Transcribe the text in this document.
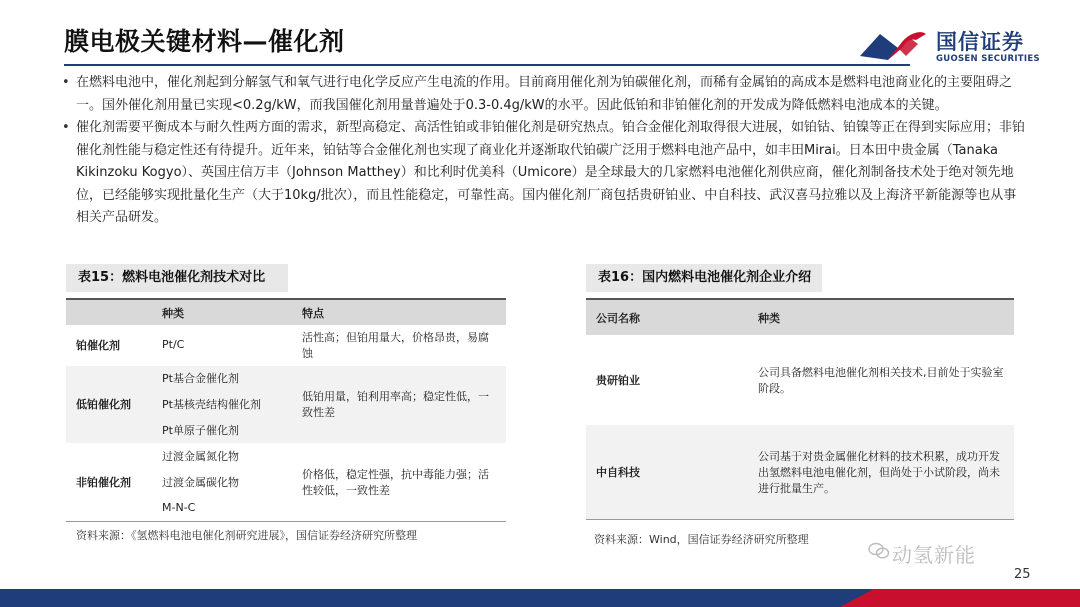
膜电极关键材料—催化剂	国信证券
GUOSEN SECURITIES
• 在燃料电池中，催化剂起到分解氢气和氧气进行电化学反应产生电流的作用。目前商用催化剂为铂碳催化剂，而稀有金属铂的高成本是燃料电池商业化的主要阻碍之一。国外催化剂用量已实现<0.2g/kW，而我国催化剂用量普遍处于0.3-0.4g/kW的水平。因此低铂和非铂催化剂的开发成为降低燃料电池成本的关键。
• 催化剂需要平衡成本与耐久性两方面的需求，新型高稳定、高活性铂或非铂催化剂是研究热点。铂合金催化剂取得很大进展，如铂钴、铂镍等正在得到实际应用；非铂催化剂性能与稳定性还有待提升。近年来，铂钴等合金催化剂也实现了商业化并逐渐取代铂碳广泛用于燃料电池产品中，如丰田Mirai。日本田中贵金属（Tanaka Kikinzoku Kogyo）、英国庄信万丰（Johnson Matthey）和比利时优美科（Umicore）是全球最大的几家燃料电池催化剂供应商，催化剂制备技术处于绝对领先地位，已经能够实现批量化生产（大于10kg/批次），而且性能稳定，可靠性高。国内催化剂厂商包括贵研铂业、中自科技、武汉喜马拉雅以及上海济平新能源等也从事相关产品研发。
表15：燃料电池催化剂技术对比
	种类	特点
铂催化剂	Pt/C	活性高；但铂用量大，价格昂贵，易腐蚀
低铂催化剂	Pt基合金催化剂	低铂用量，铂利用率高；稳定性低，一致性差
	Pt基核壳结构催化剂	
	Pt单原子催化剂	
非铂催化剂	过渡金属氮化物	价格低，稳定性强，抗中毒能力强；活性较低，一致性差
	过渡金属碳化物	
	M-N-C	
资料来源：《氢燃料电池电催化剂研究进展》，国信证券经济研究所整理
表16：国内燃料电池催化剂企业介绍
公司名称	种类
贵研铂业	公司具备燃料电池催化剂相关技术,目前处于实验室阶段。
中自科技	公司基于对贵金属催化材料的技术积累，成功开发出氢燃料电池电催化剂，但尚处于小试阶段，尚未进行批量生产。
资料来源：Wind，国信证券经济研究所整理
动氢新能
25
